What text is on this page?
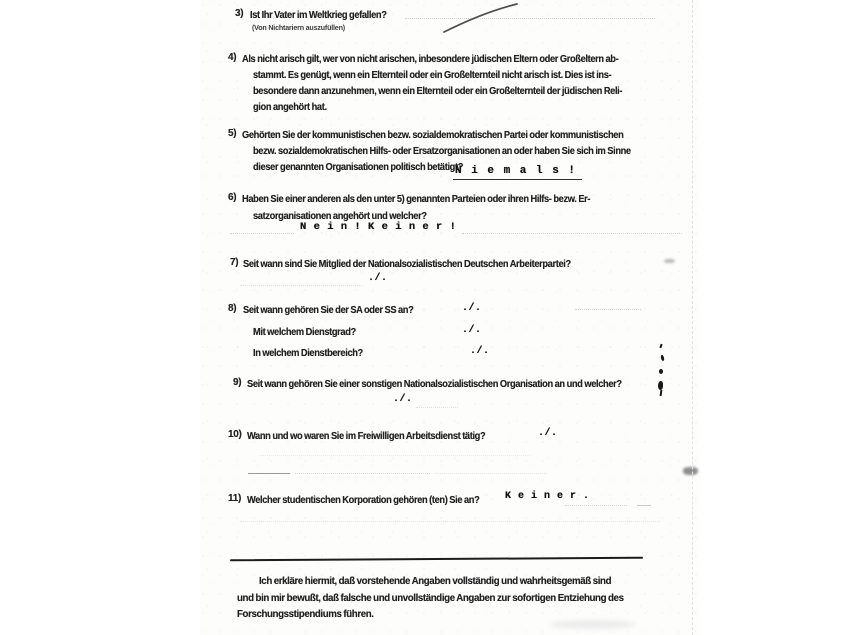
3) Ist Ihr Vater im Weltkrieg gefallen?
(Von Nichtariern auszufüllen)
4) Als nicht arisch gilt, wer von nicht arischen, inbesondere jüdischen Eltern oder Großeltern ab-
stammt. Es genügt, wenn ein Elternteil oder ein Großelternteil nicht arisch ist. Dies ist ins-
besondere dann anzunehmen, wenn ein Elternteil oder ein Großelternteil der jüdischen Reli-
gion angehört hat.
5) Gehörten Sie der kommunistischen bezw. sozialdemokratischen Partei oder kommunistischen
bezw. sozialdemokratischen Hilfs- oder Ersatzorganisationen an oder haben Sie sich im Sinne
dieser genannten Organisationen politisch betätigt?
N i e m a l s !
6) Haben Sie einer anderen als den unter 5) genannten Parteien oder ihren Hilfs- bezw. Er-
satzorganisationen angehört und welcher?
N e i n ! K e i n e r !
7) Seit wann sind Sie Mitglied der Nationalsozialistischen Deutschen Arbeiterpartei?
./.
8) Seit wann gehören Sie der SA oder SS an?
Mit welchem Dienstgrad?
In welchem Dienstbereich?
./.
./.
./.
9) Seit wann gehören Sie einer sonstigen Nationalsozialistischen Organisation an und welcher?
./.
10) Wann und wo waren Sie im Freiwilligen Arbeitsdienst tätig?	./.
11) Welcher studentischen Korporation gehören (ten) Sie an?	K e i n e r .
Ich erkläre hiermit, daß vorstehende Angaben vollständig und wahrheitsgemäß sind
und bin mir bewußt, daß falsche und unvollständige Angaben zur sofortigen Entziehung des
Forschungsstipendiums führen.
